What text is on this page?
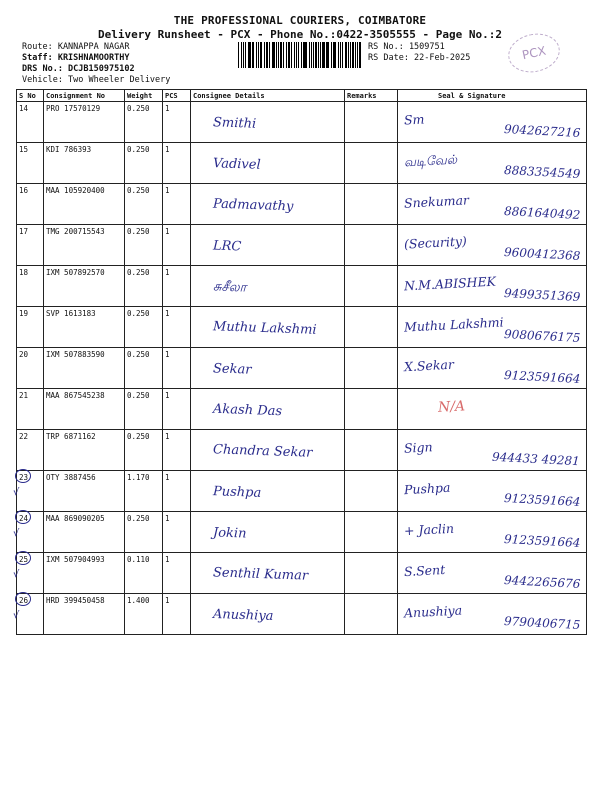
THE PROFESSIONAL COURIERS, COIMBATORE
Delivery Runsheet - PCX - Phone No.:0422-3505555 - Page No.:2
Route: KANNAPPA NAGAR
Staff: KRISHNAMOORTHY
DRS No.: DCJB150975102
Vehicle: Two Wheeler Delivery
RS No.: 1509751
RS Date: 22-Feb-2025	PCX
S No	Consignment No	Weight	PCS	Consignee Details	Remarks	Seal & Signature
14	PRO 17570129	0.250	1	Smithi		Sm
9042627216

15	KDI 786393	0.250	1	Vadivel		வடிவேல்
8883354549

16	MAA 105920400	0.250	1	Padmavathy		Snekumar
8861640492

17	TMG 200715543	0.250	1	LRC		(Security)
9600412368

18	IXM 507892570	0.250	1	சுசீலா		N.M.ABISHEK
9499351369

19	SVP 1613183	0.250	1	Muthu Lakshmi		Muthu Lakshmi
9080676175

20	IXM 507883590	0.250	1	Sekar		X.Sekar
9123591664

21	MAA 867545238	0.250	1	Akash Das		N/A

22	TRP 6871162	0.250	1	Chandra Sekar		Sign
944433 49281

√
23	OTY 3887456	1.170	1	Pushpa		Pushpa
9123591664

√
24	MAA 869090205	0.250	1	Jokin		+ Jaclin
9123591664

√
25	IXM 507904993	0.110	1	Senthil Kumar		S.Sent
9442265676

√
26	HRD 399450458	1.400	1	Anushiya		Anushiya
9790406715
